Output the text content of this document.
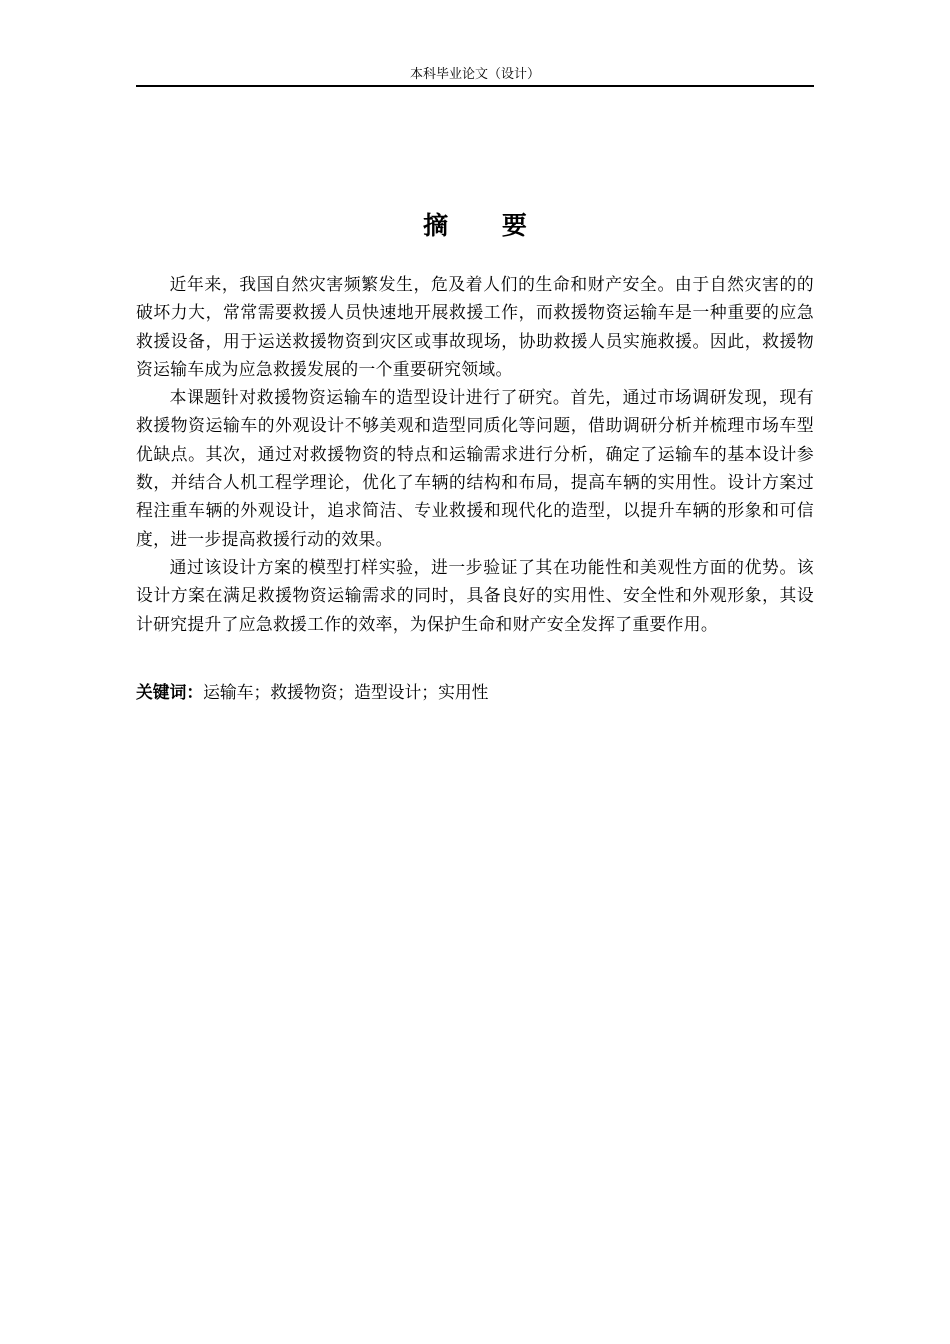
本科毕业论文（设计）
摘 要

近年来，我国自然灾害频繁发生，危及着人们的生命和财产安全。由于自然灾害的的破坏力大，常常需要救援人员快速地开展救援工作，而救援物资运输车是一种重要的应急救援设备，用于运送救援物资到灾区或事故现场，协助救援人员实施救援。因此，救援物资运输车成为应急救援发展的一个重要研究领域。

本课题针对救援物资运输车的造型设计进行了研究。首先，通过市场调研发现，现有救援物资运输车的外观设计不够美观和造型同质化等问题，借助调研分析并梳理市场车型优缺点。其次，通过对救援物资的特点和运输需求进行分析，确定了运输车的基本设计参数，并结合人机工程学理论，优化了车辆的结构和布局，提高车辆的实用性。设计方案过程注重车辆的外观设计，追求简洁、专业救援和现代化的造型，以提升车辆的形象和可信度，进一步提高救援行动的效果。

通过该设计方案的模型打样实验，进一步验证了其在功能性和美观性方面的优势。该设计方案在满足救援物资运输需求的同时，具备良好的实用性、安全性和外观形象，其设计研究提升了应急救援工作的效率，为保护生命和财产安全发挥了重要作用。

关键词：运输车；救援物资；造型设计；实用性
